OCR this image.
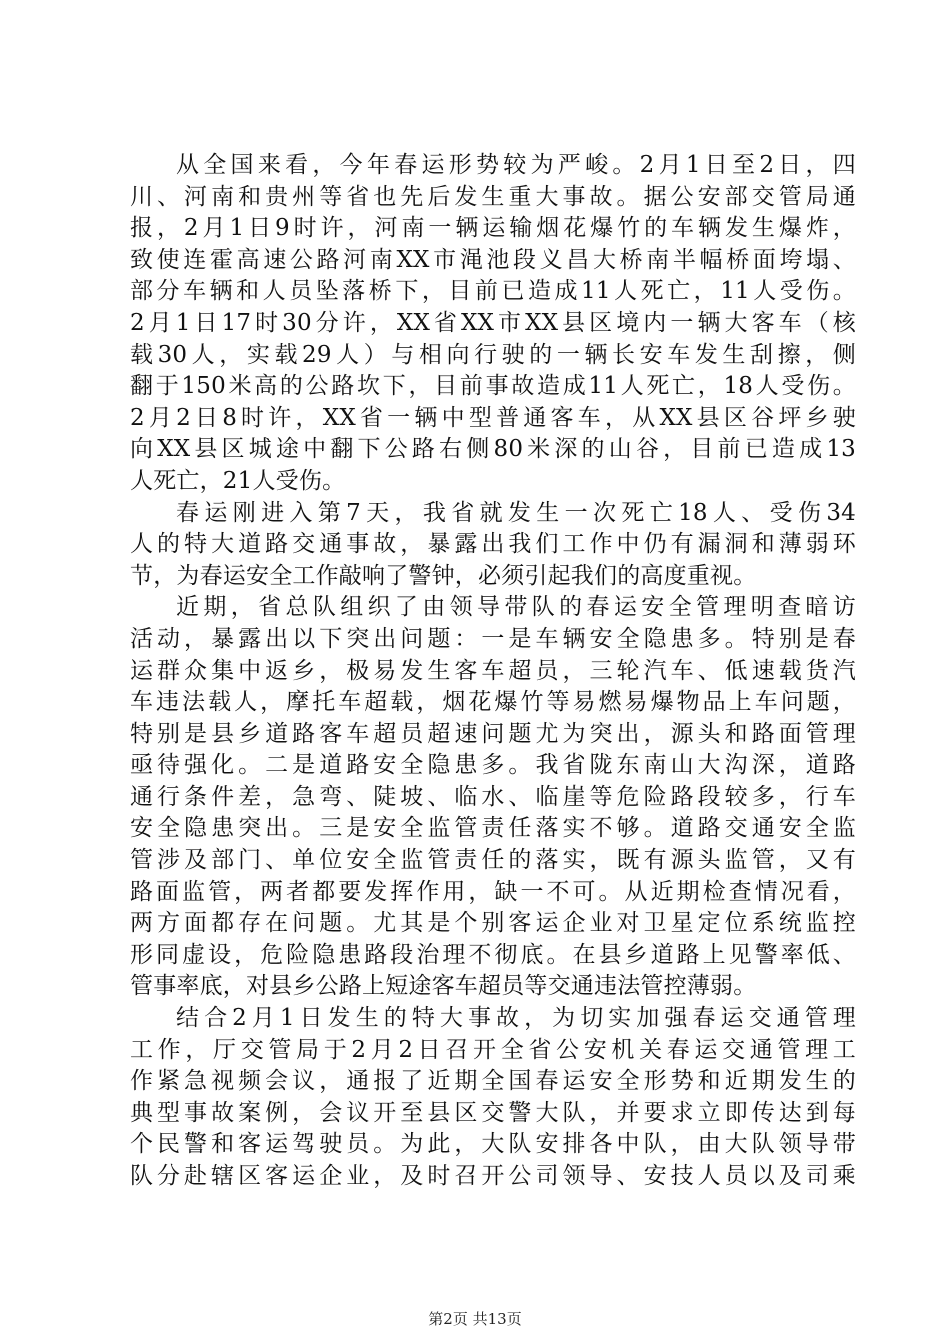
从全国来看，今年春运形势较为严峻。2月1日至2日，四
川、河南和贵州等省也先后发生重大事故。据公安部交管局通
报，2月1日9时许，河南一辆运输烟花爆竹的车辆发生爆炸，
致使连霍高速公路河南XX市渑池段义昌大桥南半幅桥面垮塌、
部分车辆和人员坠落桥下，目前已造成11人死亡，11人受伤。
2月1日17时30分许，XX省XX市XX县区境内一辆大客车（核
载30人，实载29人）与相向行驶的一辆长安车发生刮擦，侧
翻于150米高的公路坎下，目前事故造成11人死亡，18人受伤。
2月2日8时许，XX省一辆中型普通客车，从XX县区谷坪乡驶
向XX县区城途中翻下公路右侧80米深的山谷，目前已造成13
人死亡，21人受伤。
春运刚进入第7天，我省就发生一次死亡18人、受伤34
人的特大道路交通事故，暴露出我们工作中仍有漏洞和薄弱环
节，为春运安全工作敲响了警钟，必须引起我们的高度重视。
近期，省总队组织了由领导带队的春运安全管理明查暗访
活动，暴露出以下突出问题：一是车辆安全隐患多。特别是春
运群众集中返乡，极易发生客车超员，三轮汽车、低速载货汽
车违法载人，摩托车超载，烟花爆竹等易燃易爆物品上车问题，
特别是县乡道路客车超员超速问题尤为突出，源头和路面管理
亟待强化。二是道路安全隐患多。我省陇东南山大沟深，道路
通行条件差，急弯、陡坡、临水、临崖等危险路段较多，行车
安全隐患突出。三是安全监管责任落实不够。道路交通安全监
管涉及部门、单位安全监管责任的落实，既有源头监管，又有
路面监管，两者都要发挥作用，缺一不可。从近期检查情况看，
两方面都存在问题。尤其是个别客运企业对卫星定位系统监控
形同虚设，危险隐患路段治理不彻底。在县乡道路上见警率低、
管事率底，对县乡公路上短途客车超员等交通违法管控薄弱。
结合2月1日发生的特大事故，为切实加强春运交通管理
工作，厅交管局于2月2日召开全省公安机关春运交通管理工
作紧急视频会议，通报了近期全国春运安全形势和近期发生的
典型事故案例，会议开至县区交警大队，并要求立即传达到每
个民警和客运驾驶员。为此，大队安排各中队，由大队领导带
队分赴辖区客运企业，及时召开公司领导、安技人员以及司乘
第2页 共13页
